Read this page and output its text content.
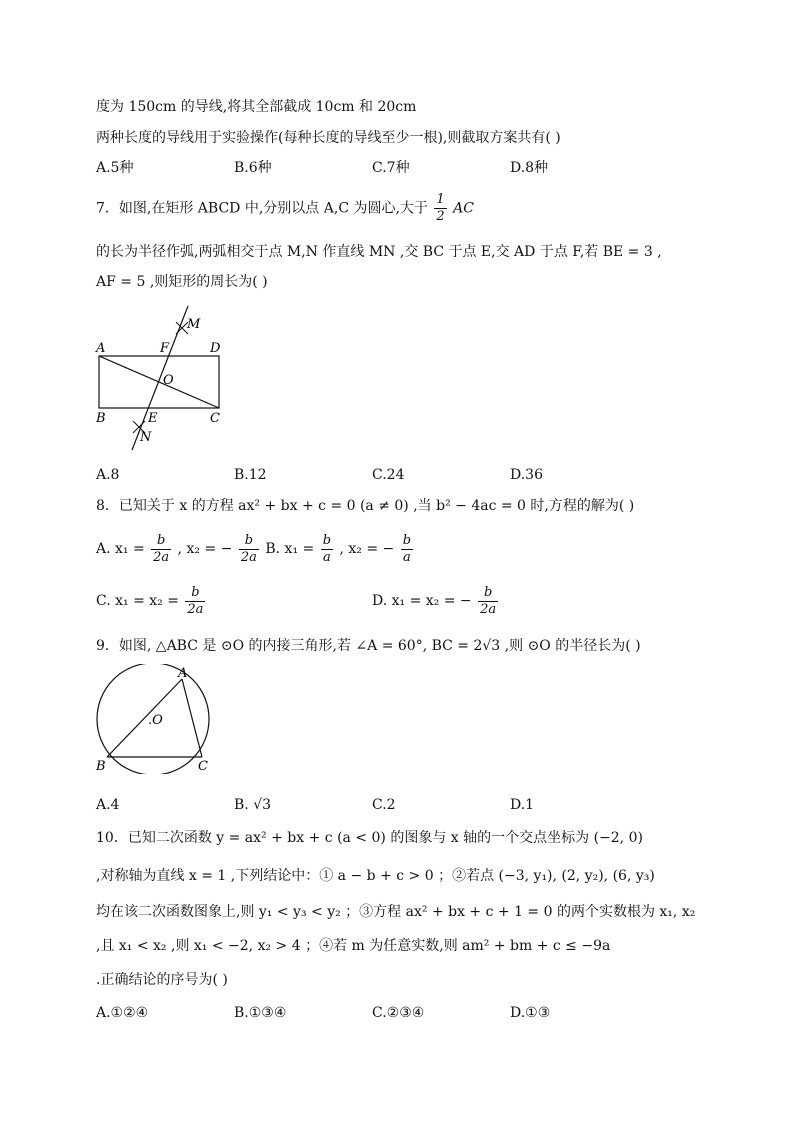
度为 150cm 的导线,将其全部截成 10cm 和 20cm
两种长度的导线用于实验操作(每种长度的导线至少一根),则截取方案共有( )
A.5种	B.6种	C.7种	D.8种
7．如图,在矩形 ABCD 中,分别以点 A,C 为圆心,大于 $\frac{1}{2}$ AC
的长为半径作弧,两弧相交于点 M,N 作直线 MN ,交 BC 于点 E,交 AD 于点 F,若 BE = 3 ,
AF = 5 ,则矩形的周长为( )
A	F	D
M
O
B	E	C
N
A.8	B.12	C.24	D.36
8．已知关于 x 的方程 ax² + bx + c = 0 (a ≠ 0) ,当 b² − 4ac = 0 时,方程的解为( )
A. $x_1 = \frac{b}{2a}$ , x₂ = − $\frac{b}{2a} B$. $x_1 = \frac{b}{a}$ , x₂ = − $\frac{b}{a}$
C. $x_1 = x_2 = \frac{b}{2a}$	D. x₁ = x₂ = − $\frac{b}{2a}$
9．如图, △ABC 是 ⊙O 的内接三角形,若 ∠A = 60°, BC = 2√3 ,则 ⊙O 的半径长为( )
A
.O
B	C
A.4	B. √3	C.2	D.1
10．已知二次函数 y = ax² + bx + c (a < 0) 的图象与 x 轴的一个交点坐标为 (−2, 0)
,对称轴为直线 x = 1 ,下列结论中：① a − b + c > 0 ；②若点 (−3, y₁), (2, y₂), (6, y₃)
均在该二次函数图象上,则 y₁ < y₃ < y₂ ；③方程 ax² + bx + c + 1 = 0 的两个实数根为 x₁, x₂
,且 x₁ < x₂ ,则 x₁ < −2, x₂ > 4 ；④若 m 为任意实数,则 am² + bm + c ≤ −9a
.正确结论的序号为( )
A.①②④	B.①③④	C.②③④	D.①③
